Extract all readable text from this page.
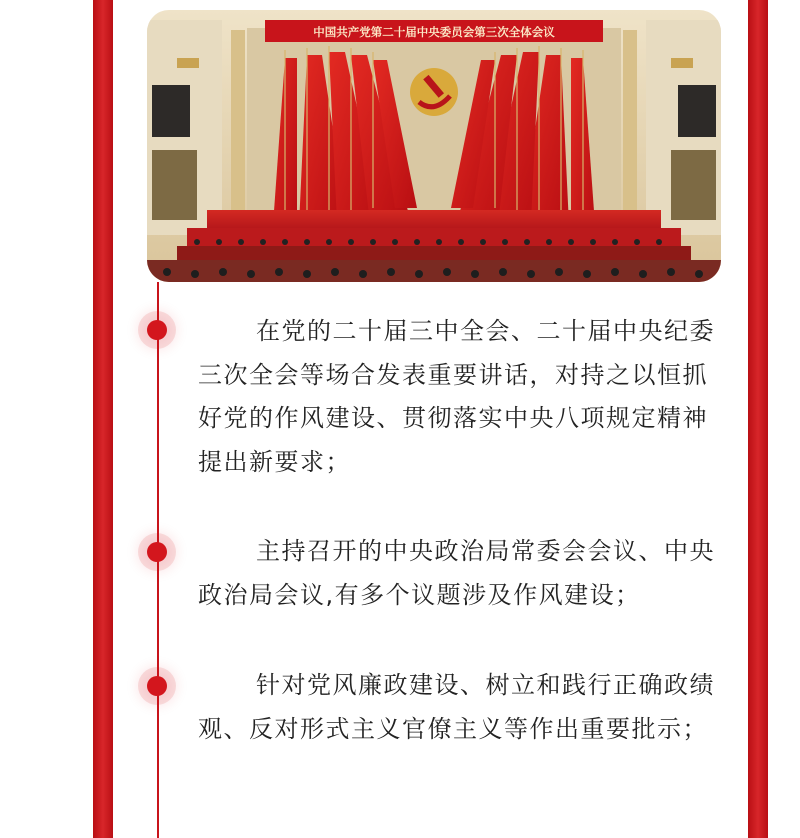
中国共产党第二十届中央委员会第三次全体会议

在党的二十届三中全会、二十届中央纪委三次全会等场合发表重要讲话，对持之以恒抓好党的作风建设、贯彻落实中央八项规定精神提出新要求；

主持召开的中央政治局常委会会议、中央政治局会议,有多个议题涉及作风建设；

针对党风廉政建设、树立和践行正确政绩观、反对形式主义官僚主义等作出重要批示；
